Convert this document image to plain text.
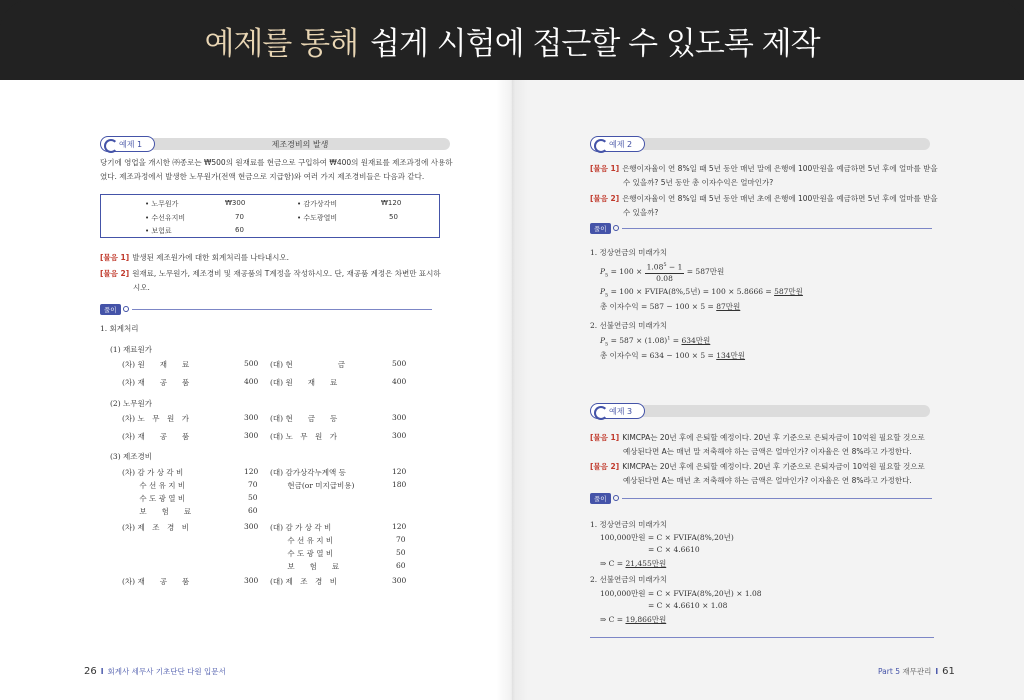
예제를 통해 쉽게 시험에 접근할 수 있도록 제작
예제 1	제조경비의 발생
당기에 영업을 개시한 ㈜종로는 ₩500의 원재료를 현금으로 구입하여 ₩400의 원재료를 제조과정에 사용하
였다. 제조과정에서 발생한 노무원가(전액 현금으로 지급함)와 여러 가지 제조경비들은 다음과 같다.
• 노무원가	₩300	• 감가상각비	₩120
• 수선유지비	70	• 수도광열비	50
• 보험료	60
[물음 1] 발생된 제조원가에 대한 회계처리를 나타내시오.
[물음 2] 원재료, 노무원가, 제조경비 및 재공품의 T계정을 작성하시오. 단, 재공품 계정은 차변만 표시하
시오.
풀이
1. 회계처리
(1) 재료원가
(차) 원　　재　　료	500 (대) 현　　　　　　금	500
(차) 재　　공　　품	400 (대) 원　　재　　료	400
(2) 노무원가
(차) 노　무　원　가	300 (대) 현　　금　　등	300
(차) 재　　공　　품	300 (대) 노　무　원　가	300
(3) 제조경비
(차) 감 가 상 각 비	120 (대) 감가상각누계액 등	120
　　 수 선 유 지 비	70 　　 현금(or 미지급비용)	180
　　 수 도 광 열 비	50
　　 보　　험　　료	60
(차) 제　조　경　비	300 (대) 감 가 상 각 비	120
　　 수 선 유 지 비	70
　　 수 도 광 열 비	50
　　 보　　험　　료	60
(차) 재　　공　　품	300 (대) 제　조　경　비	300
26 I 회계사 세무사 기초단단 다원 입문서
예제 2
[물음 1] 은행이자율이 연 8%일 때 5년 동안 매년 말에 은행에 100만원을 예금하면 5년 후에 얼마를 받을
수 있을까? 5년 동안 총 이자수익은 얼마인가?
[물음 2] 은행이자율이 연 8%일 때 5년 동안 매년 초에 은행에 100만원을 예금하면 5년 후에 얼마를 받을
수 있을까?
풀이
1. 정상연금의 미래가치
$P_5 = 100 \times \frac{1.08^5 - 1}{0.08} = 587$만원
$P_5 = 100$ × FVIFA(8%,5년) = 100 × 5.8666 = 587만원
총 이자수익 = 587 − 100 × 5 = 87만원
2. 선불연금의 미래가치
$P_5 = 587 \times (1.08)^1 = 634$만원
총 이자수익 = 634 − 100 × 5 = 134만원
예제 3
[물음 1] KIMCPA는 20년 후에 은퇴할 예정이다. 20년 후 기준으로 은퇴자금이 10억원 필요할 것으로
예상된다면 A는 매년 말 저축해야 하는 금액은 얼마인가? 이자율은 연 8%라고 가정한다.
[물음 2] KIMCPA는 20년 후에 은퇴할 예정이다. 20년 후 기준으로 은퇴자금이 10억원 필요할 것으로
예상된다면 A는 매년 초 저축해야 하는 금액은 얼마인가? 이자율은 연 8%라고 가정한다.
풀이
1. 정상연금의 미래가치
100,000만원 = C × FVIFA(8%,20년)
= C × 4.6610
⇒ C = 21,455만원
2. 선불연금의 미래가치
100,000만원 = C × FVIFA(8%,20년) × 1.08
= C × 4.6610 × 1.08
⇒ C = 19,866만원
Part 5 재무관리 I 61
